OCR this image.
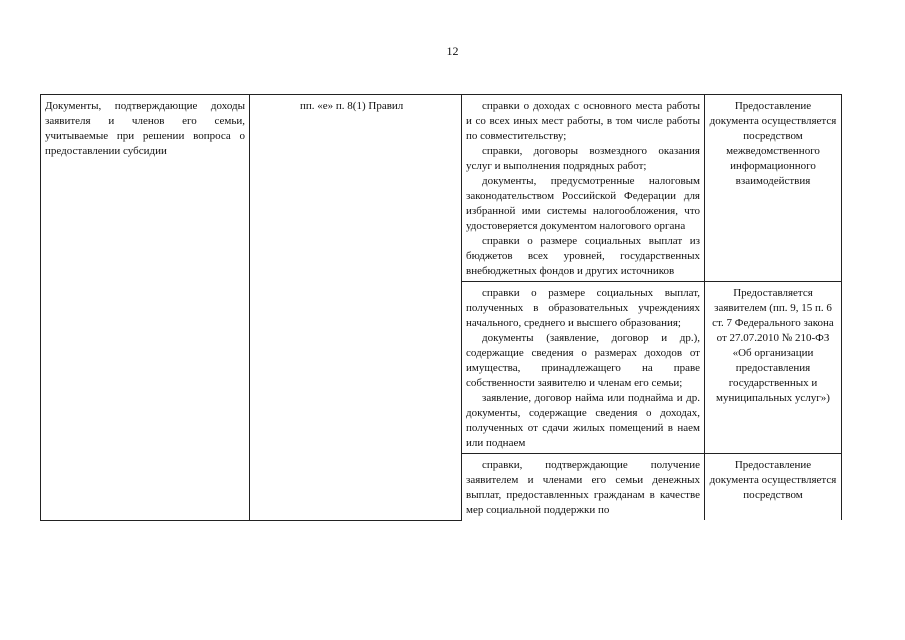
12
Документы, подтверждающие доходы заявителя и членов его семьи, учитываемые при решении вопроса о предоставлении субсидии	пп. «е» п. 8(1) Правил	справки о доходах с основного места работы и со всех иных мест работы, в том числе работы по совместительству;

справки, договоры возмездного оказания услуг и выполнения подрядных работ;

документы, предусмотренные налоговым законодательством Российской Федерации для избранной ими системы налогообложения, что удостоверяется документом налогового органа

справки о размере социальных выплат из бюджетов всех уровней, государственных внебюджетных фондов и других источников	Предоставление документа осуществляется посредством межведомственного информационного взаимодействия

		справки о размере социальных выплат, полученных в образовательных учреждениях начального, среднего и высшего образования;

документы (заявление, договор и др.), содержащие сведения о размерах доходов от имущества, принадлежащего на праве собственности заявителю и членам его семьи;

заявление, договор найма или поднайма и др. документы, содержащие сведения о доходах, полученных от сдачи жилых помещений в наем или поднаем	Предоставляется заявителем (пп. 9, 15 п. 6 ст. 7 Федерального закона от 27.07.2010 № 210-ФЗ «Об организации предоставления государственных и муниципальных услуг»)

		справки, подтверждающие получение заявителем и членами его семьи денежных выплат, предоставленных гражданам в качестве мер социальной поддержки по	Предоставление документа осуществляется посредством
